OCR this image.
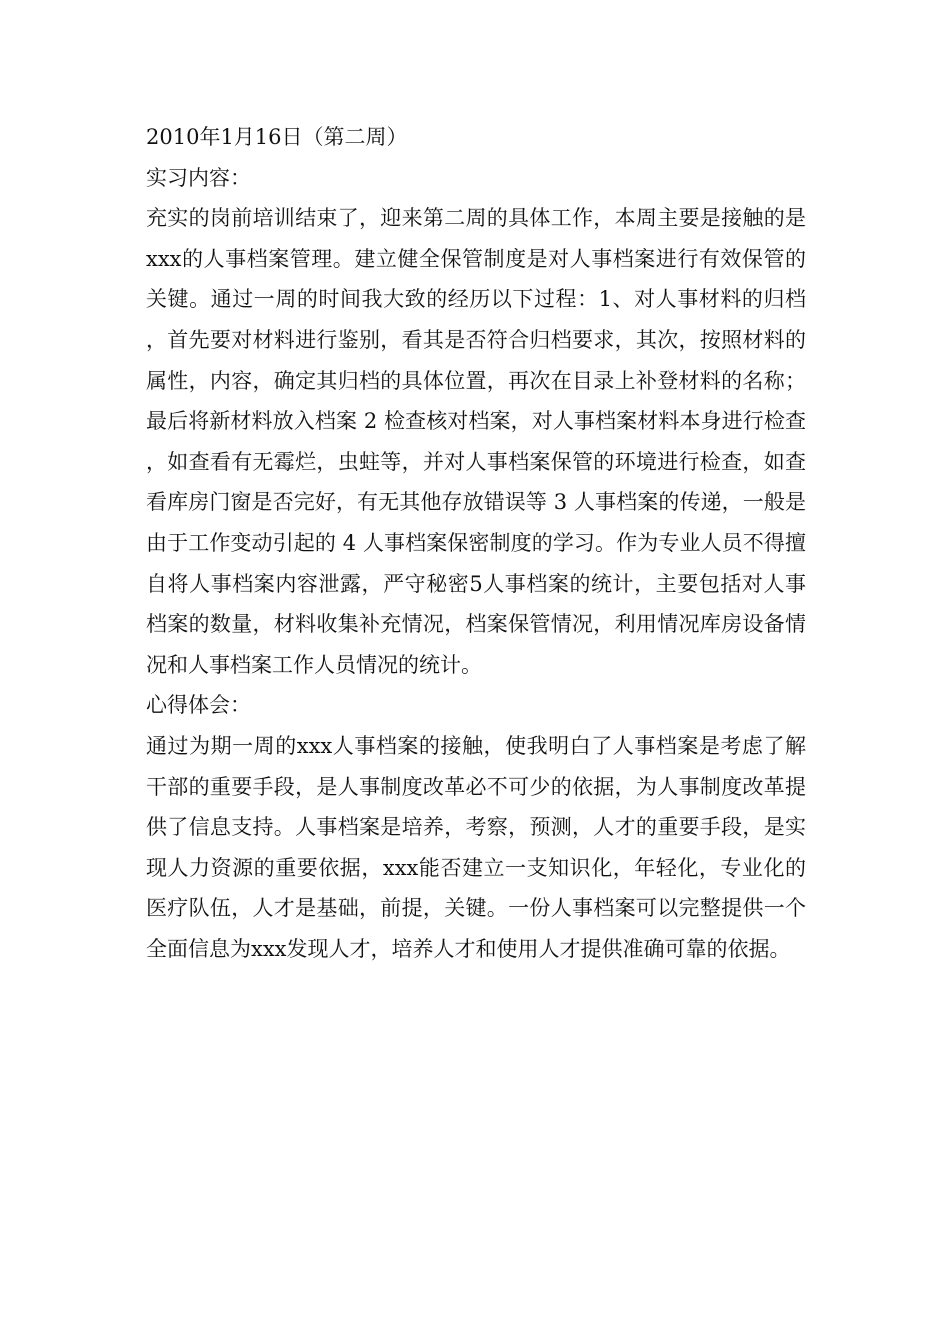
2010年1月16日（第二周）

实习内容：

充实的岗前培训结束了，迎来第二周的具体工作，本周主要是接触的是xxx的人事档案管理。建立健全保管制度是对人事档案进行有效保管的关键。通过一周的时间我大致的经历以下过程：1、对人事材料的归档，首先要对材料进行鉴别，看其是否符合归档要求，其次，按照材料的属性，内容，确定其归档的具体位置，再次在目录上补登材料的名称；最后将新材料放入档案 2 检查核对档案，对人事档案材料本身进行检查，如查看有无霉烂，虫蛀等，并对人事档案保管的环境进行检查，如查看库房门窗是否完好，有无其他存放错误等 3 人事档案的传递，一般是由于工作变动引起的 4 人事档案保密制度的学习。作为专业人员不得擅自将人事档案内容泄露，严守秘密5人事档案的统计，主要包括对人事档案的数量，材料收集补充情况，档案保管情况，利用情况库房设备情况和人事档案工作人员情况的统计。

心得体会：

通过为期一周的xxx人事档案的接触，使我明白了人事档案是考虑了解干部的重要手段，是人事制度改革必不可少的依据，为人事制度改革提供了信息支持。人事档案是培养，考察，预测，人才的重要手段，是实现人力资源的重要依据，xxx能否建立一支知识化，年轻化，专业化的医疗队伍，人才是基础，前提，关键。一份人事档案可以完整提供一个全面信息为xxx发现人才，培养人才和使用人才提供准确可靠的依据。
